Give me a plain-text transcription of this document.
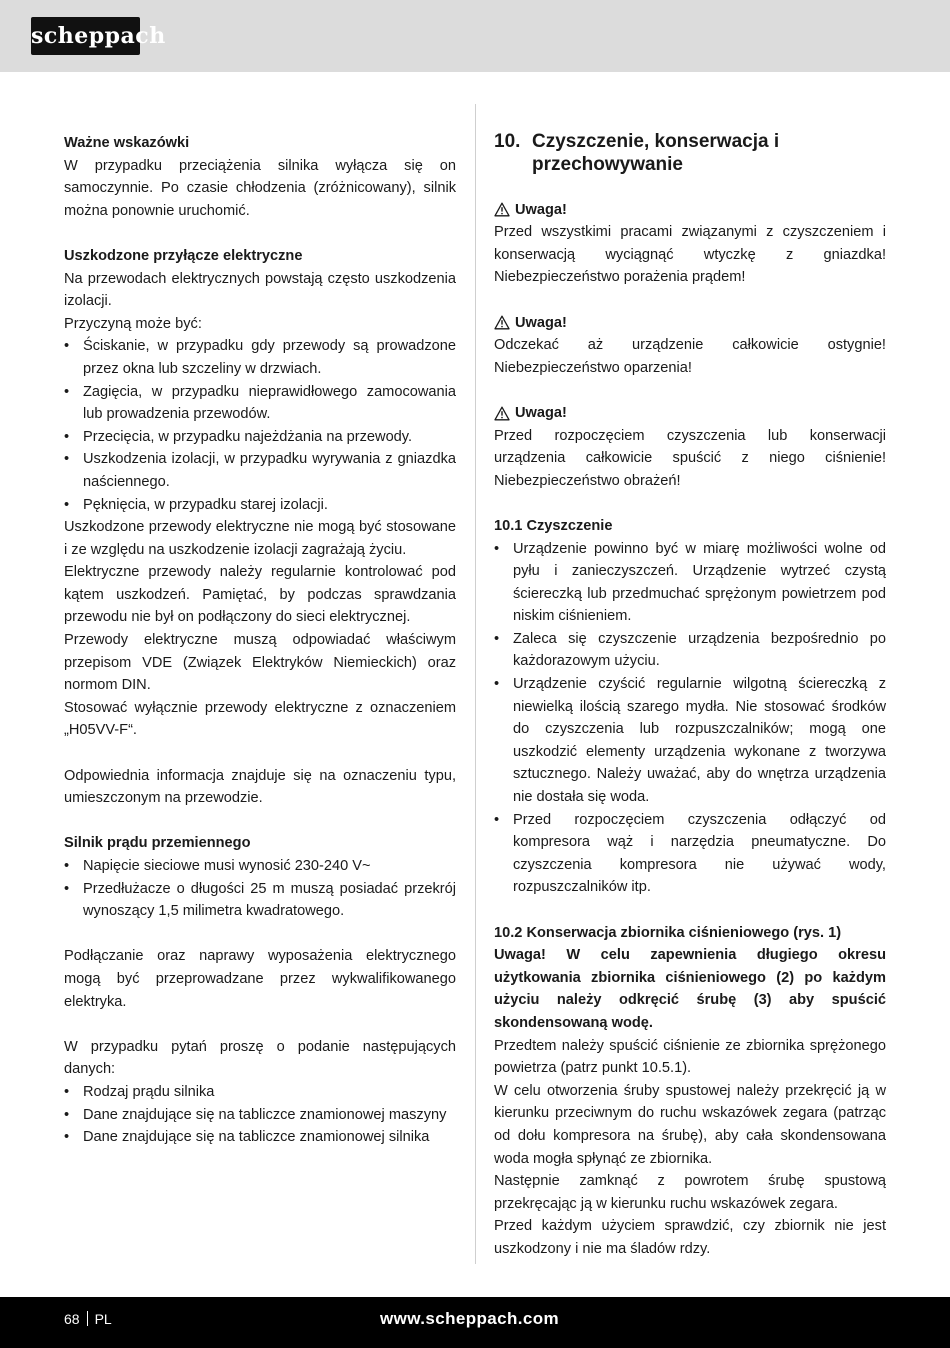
scheppach

Ważne wskazówki

W przypadku przeciążenia silnika wyłącza się on samoczynnie. Po czasie chłodzenia (zróżnicowany), silnik można ponownie uruchomić.

Uszkodzone przyłącze elektryczne

Na przewodach elektrycznych powstają często uszkodzenia izolacji.

Przyczyną może być:

• Ściskanie, w przypadku gdy przewody są prowadzone przez okna lub szczeliny w drzwiach.
• Zagięcia, w przypadku nieprawidłowego zamocowania lub prowadzenia przewodów.
• Przecięcia, w przypadku najeżdżania na przewody.
• Uszkodzenia izolacji, w przypadku wyrywania z gniazdka naściennego.
• Pęknięcia, w przypadku starej izolacji.

Uszkodzone przewody elektryczne nie mogą być stosowane i ze względu na uszkodzenie izolacji zagrażają życiu.

Elektryczne przewody należy regularnie kontrolować pod kątem uszkodzeń. Pamiętać, by podczas sprawdzania przewodu nie był on podłączony do sieci elektrycznej.

Przewody elektryczne muszą odpowiadać właściwym przepisom VDE (Związek Elektryków Niemieckich) oraz normom DIN.

Stosować wyłącznie przewody elektryczne z oznaczeniem „H05VV-F“.

Odpowiednia informacja znajduje się na oznaczeniu typu, umieszczonym na przewodzie.

Silnik prądu przemiennego

• Napięcie sieciowe musi wynosić 230-240 V~
• Przedłużacze o długości 25 m muszą posiadać przekrój wynoszący 1,5 milimetra kwadratowego.

Podłączanie oraz naprawy wyposażenia elektrycznego mogą być przeprowadzane przez wykwalifikowanego elektryka.

W przypadku pytań proszę o podanie następujących danych:

• Rodzaj prądu silnika
• Dane znajdujące się na tabliczce znamionowej maszyny
• Dane znajdujące się na tabliczce znamionowej silnika
10. Czyszczenie, konserwacja i przechowywanie
Uwaga!

Przed wszystkimi pracami związanymi z czyszczeniem i konserwacją wyciągnąć wtyczkę z gniazdka! Niebezpieczeństwo porażenia prądem!

Uwaga!

Odczekać aż urządzenie całkowicie ostygnie! Niebezpieczeństwo oparzenia!

Uwaga!

Przed rozpoczęciem czyszczenia lub konserwacji urządzenia całkowicie spuścić z niego ciśnienie! Niebezpieczeństwo obrażeń!

10.1 Czyszczenie

• Urządzenie powinno być w miarę możliwości wolne od pyłu i zanieczyszczeń. Urządzenie wytrzeć czystą ściereczką lub przedmuchać sprężonym powietrzem pod niskim ciśnieniem.
• Zaleca się czyszczenie urządzenia bezpośrednio po każdorazowym użyciu.
• Urządzenie czyścić regularnie wilgotną ściereczką z niewielką ilością szarego mydła. Nie stosować środków do czyszczenia lub rozpuszczalników; mogą one uszkodzić elementy urządzenia wykonane z tworzywa sztucznego. Należy uważać, aby do wnętrza urządzenia nie dostała się woda.
• Przed rozpoczęciem czyszczenia odłączyć od kompresora wąż i narzędzia pneumatyczne. Do czyszczenia kompresora nie używać wody, rozpuszczalników itp.

10.2 Konserwacja zbiornika ciśnieniowego (rys. 1)

Uwaga! W celu zapewnienia długiego okresu użytkowania zbiornika ciśnieniowego (2) po każdym użyciu należy odkręcić śrubę (3) aby spuścić skondensowaną wodę.

Przedtem należy spuścić ciśnienie ze zbiornika sprężonego powietrza (patrz punkt 10.5.1).

W celu otworzenia śruby spustowej należy przekręcić ją w kierunku przeciwnym do ruchu wskazówek zegara (patrząc od dołu kompresora na śrubę), aby cała skondensowana woda mogła spłynąć ze zbiornika.

Następnie zamknąć z powrotem śrubę spustową przekręcając ją w kierunku ruchu wskazówek zegara.

Przed każdym użyciem sprawdzić, czy zbiornik nie jest uszkodzony i nie ma śladów rdzy.

68 PL	www.scheppach.com
